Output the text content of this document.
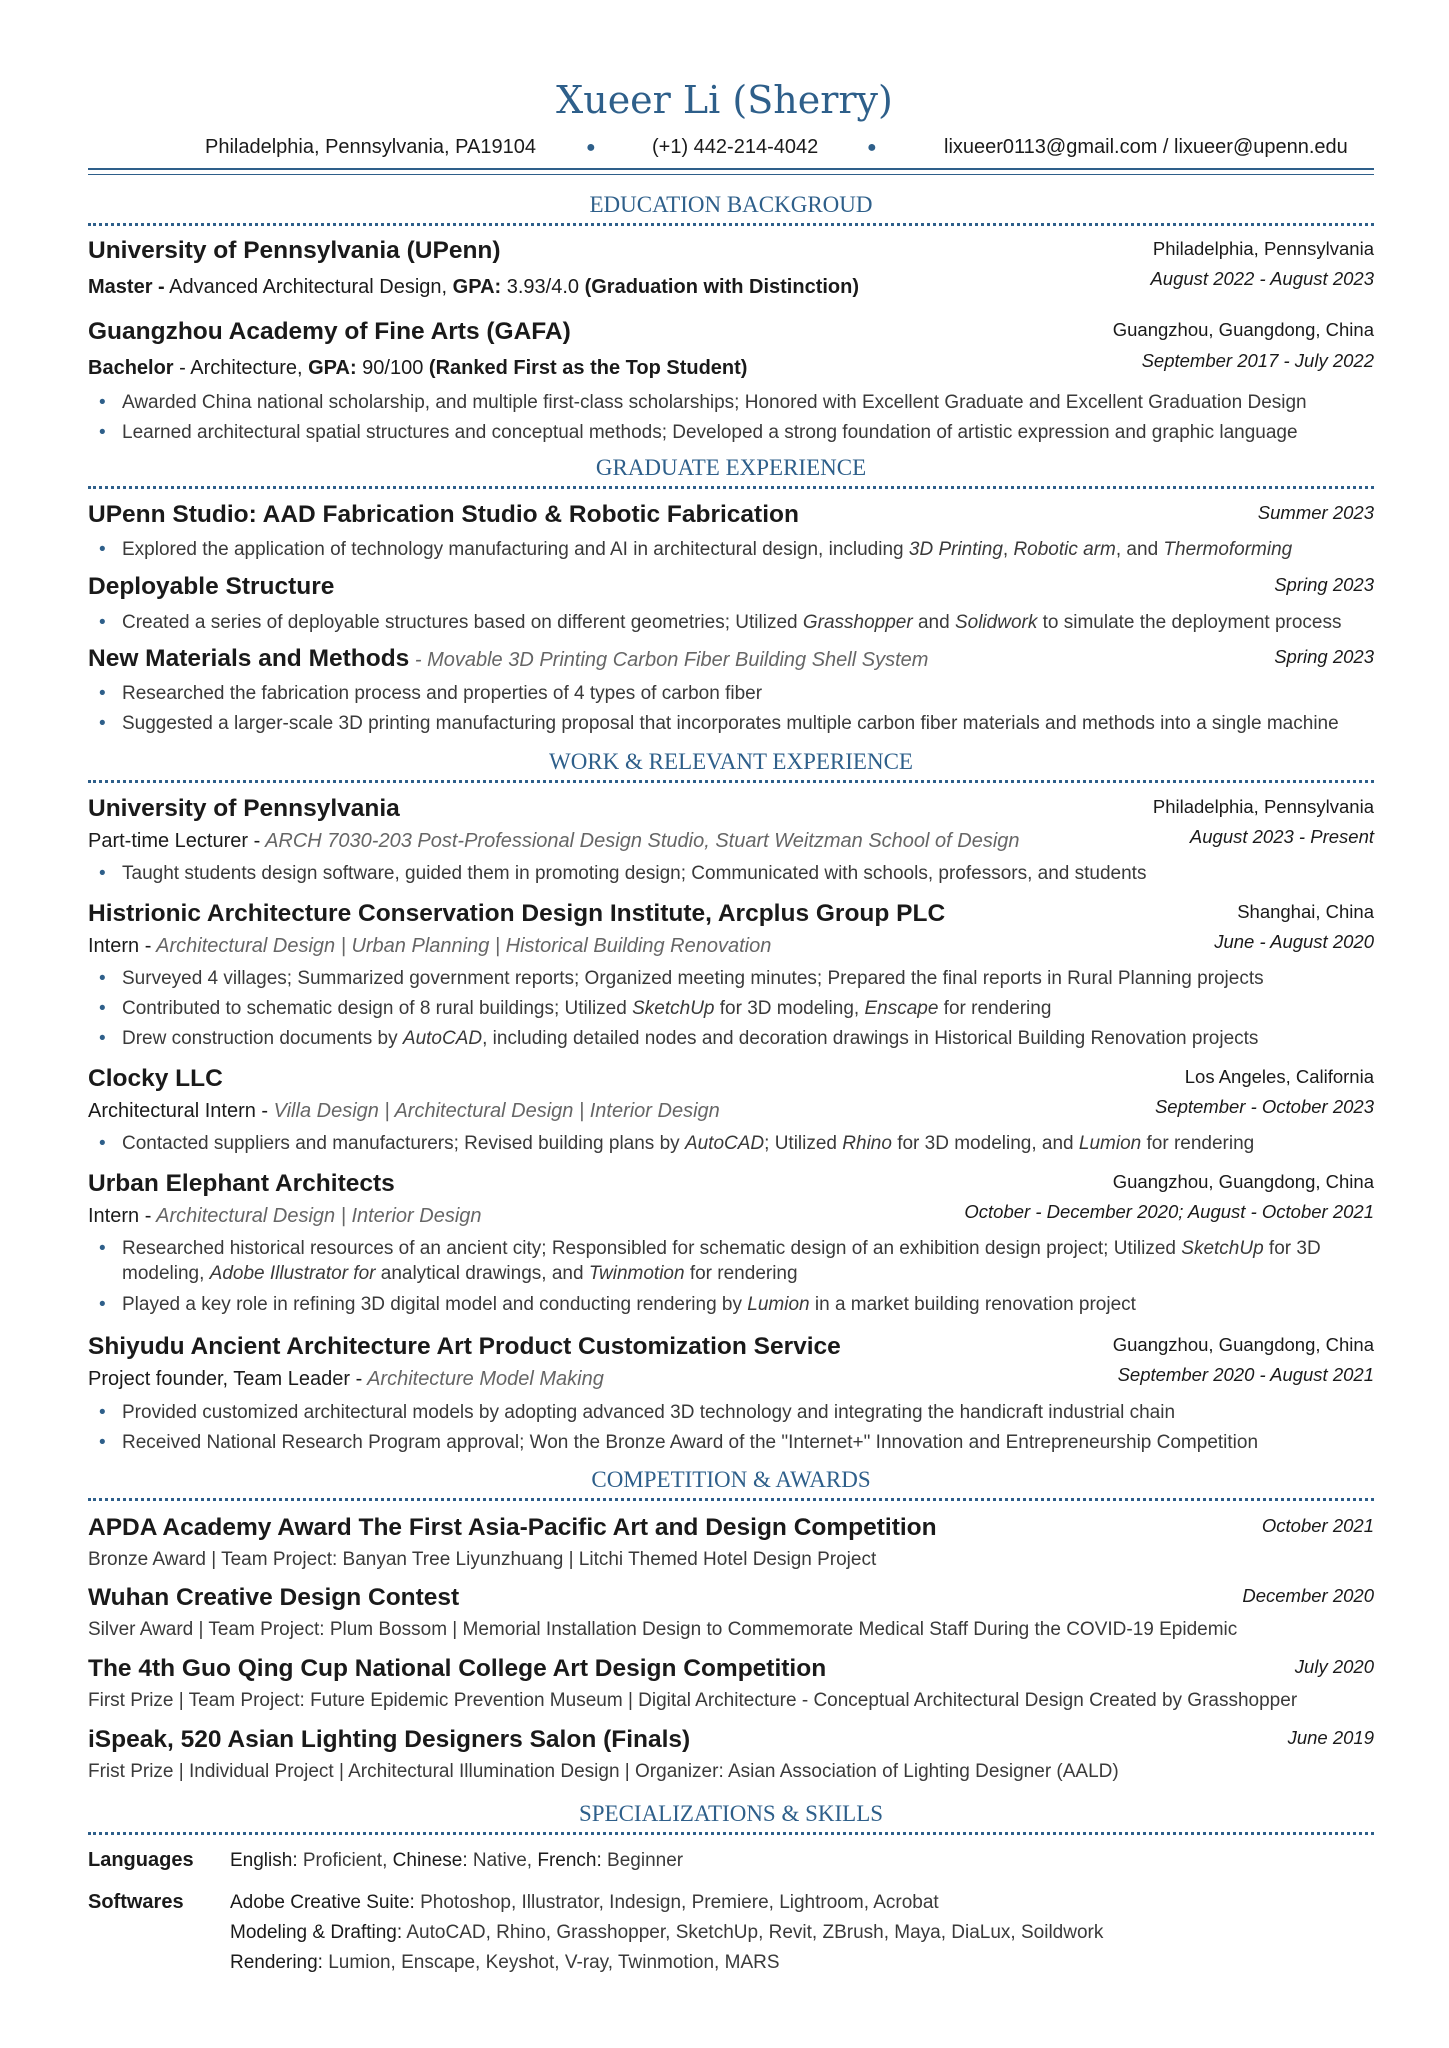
Xueer Li (Sherry)
Philadelphia, Pennsylvania, PA19104	●	(+1) 442-214-4042	●	lixueer0113@gmail.com / lixueer@upenn.edu
EDUCATION BACKGROUD
University of Pennsylvania (UPenn)	Philadelphia, Pennsylvania
Master - Advanced Architectural Design, GPA: 3.93/4.0 (Graduation with Distinction)	August 2022 - August 2023
Guangzhou Academy of Fine Arts (GAFA)	Guangzhou, Guangdong, China
Bachelor - Architecture, GPA: 90/100 (Ranked First as the Top Student)	September 2017 - July 2022
• Awarded China national scholarship, and multiple first-class scholarships; Honored with Excellent Graduate and Excellent Graduation Design
• Learned architectural spatial structures and conceptual methods; Developed a strong foundation of artistic expression and graphic language
GRADUATE EXPERIENCE
UPenn Studio: AAD Fabrication Studio & Robotic Fabrication	Summer 2023
• Explored the application of technology manufacturing and AI in architectural design, including 3D Printing, Robotic arm, and Thermoforming
Deployable Structure	Spring 2023
• Created a series of deployable structures based on different geometries; Utilized Grasshopper and Solidwork to simulate the deployment process
New Materials and Methods - Movable 3D Printing Carbon Fiber Building Shell System	Spring 2023
• Researched the fabrication process and properties of 4 types of carbon fiber
• Suggested a larger-scale 3D printing manufacturing proposal that incorporates multiple carbon fiber materials and methods into a single machine
WORK & RELEVANT EXPERIENCE
University of Pennsylvania	Philadelphia, Pennsylvania
Part-time Lecturer - ARCH 7030-203 Post-Professional Design Studio, Stuart Weitzman School of Design	August 2023 - Present
• Taught students design software, guided them in promoting design; Communicated with schools, professors, and students
Histrionic Architecture Conservation Design Institute, Arcplus Group PLC	Shanghai, China
Intern - Architectural Design | Urban Planning | Historical Building Renovation	June - August 2020
• Surveyed 4 villages; Summarized government reports; Organized meeting minutes; Prepared the final reports in Rural Planning projects
• Contributed to schematic design of 8 rural buildings; Utilized SketchUp for 3D modeling, Enscape for rendering
• Drew construction documents by AutoCAD, including detailed nodes and decoration drawings in Historical Building Renovation projects
Clocky LLC	Los Angeles, California
Architectural Intern - Villa Design | Architectural Design | Interior Design	September - October 2023
• Contacted suppliers and manufacturers; Revised building plans by AutoCAD; Utilized Rhino for 3D modeling, and Lumion for rendering
Urban Elephant Architects	Guangzhou, Guangdong, China
Intern - Architectural Design | Interior Design	October - December 2020; August - October 2021
• Researched historical resources of an ancient city; Responsibled for schematic design of an exhibition design project; Utilized SketchUp for 3D modeling, Adobe Illustrator for analytical drawings, and Twinmotion for rendering
• Played a key role in refining 3D digital model and conducting rendering by Lumion in a market building renovation project
Shiyudu Ancient Architecture Art Product Customization Service	Guangzhou, Guangdong, China
Project founder, Team Leader - Architecture Model Making	September 2020 - August 2021
• Provided customized architectural models by adopting advanced 3D technology and integrating the handicraft industrial chain
• Received National Research Program approval; Won the Bronze Award of the "Internet+" Innovation and Entrepreneurship Competition
COMPETITION & AWARDS
APDA Academy Award The First Asia-Pacific Art and Design Competition	October 2021
Bronze Award | Team Project: Banyan Tree Liyunzhuang | Litchi Themed Hotel Design Project
Wuhan Creative Design Contest	December 2020
Silver Award | Team Project: Plum Bossom | Memorial Installation Design to Commemorate Medical Staff During the COVID-19 Epidemic
The 4th Guo Qing Cup National College Art Design Competition	July 2020
First Prize | Team Project: Future Epidemic Prevention Museum | Digital Architecture - Conceptual Architectural Design Created by Grasshopper
iSpeak, 520 Asian Lighting Designers Salon (Finals)	June 2019
Frist Prize | Individual Project | Architectural Illumination Design | Organizer: Asian Association of Lighting Designer (AALD)
SPECIALIZATIONS & SKILLS
Languages English: Proficient, Chinese: Native, French: Beginner
Softwares Adobe Creative Suite: Photoshop, Illustrator, Indesign, Premiere, Lightroom, Acrobat
Modeling & Drafting: AutoCAD, Rhino, Grasshopper, SketchUp, Revit, ZBrush, Maya, DiaLux, Soildwork
Rendering: Lumion, Enscape, Keyshot, V-ray, Twinmotion, MARS
